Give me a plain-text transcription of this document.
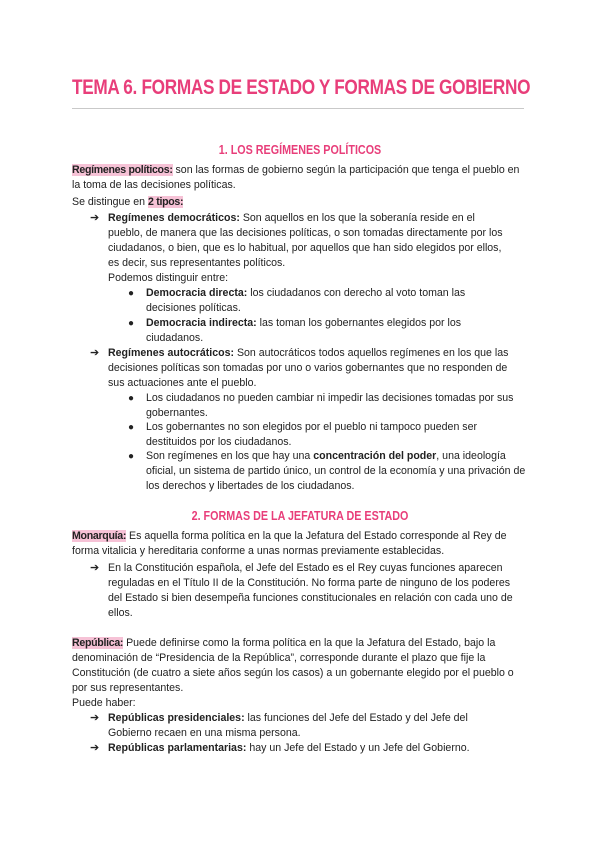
TEMA 6. FORMAS DE ESTADO Y FORMAS DE GOBIERNO
1. LOS REGÍMENES POLÍTICOS

Regímenes políticos: son las formas de gobierno según la participación que tenga el pueblo en la toma de las decisiones políticas.

Se distingue en 2 tipos:

➔ Regímenes democráticos: Son aquellos en los que la soberanía reside en el pueblo, de manera que las decisiones políticas, o son tomadas directamente por los ciudadanos, o bien, que es lo habitual, por aquellos que han sido elegidos por ellos, es decir, sus representantes políticos.

Podemos distinguir entre:

● Democracia directa: los ciudadanos con derecho al voto toman las decisiones políticas.

● Democracia indirecta: las toman los gobernantes elegidos por los ciudadanos.

➔ Regímenes autocráticos: Son autocráticos todos aquellos regímenes en los que las decisiones políticas son tomadas por uno o varios gobernantes que no responden de sus actuaciones ante el pueblo.

● Los ciudadanos no pueden cambiar ni impedir las decisiones tomadas por sus gobernantes.

● Los gobernantes no son elegidos por el pueblo ni tampoco pueden ser destituidos por los ciudadanos.

● Son regímenes en los que hay una concentración del poder, una ideología oficial, un sistema de partido único, un control de la economía y una privación de los derechos y libertades de los ciudadanos.

2. FORMAS DE LA JEFATURA DE ESTADO

Monarquía: Es aquella forma política en la que la Jefatura del Estado corresponde al Rey de forma vitalicia y hereditaria conforme a unas normas previamente establecidas.

➔ En la Constitución española, el Jefe del Estado es el Rey cuyas funciones aparecen reguladas en el Título II de la Constitución. No forma parte de ninguno de los poderes del Estado si bien desempeña funciones constitucionales en relación con cada uno de ellos.

República: Puede definirse como la forma política en la que la Jefatura del Estado, bajo la denominación de “Presidencia de la República”, corresponde durante el plazo que fije la Constitución (de cuatro a siete años según los casos) a un gobernante elegido por el pueblo o por sus representantes.

Puede haber:

➔ Repúblicas presidenciales: las funciones del Jefe del Estado y del Jefe del Gobierno recaen en una misma persona.

➔ Repúblicas parlamentarias: hay un Jefe del Estado y un Jefe del Gobierno.
